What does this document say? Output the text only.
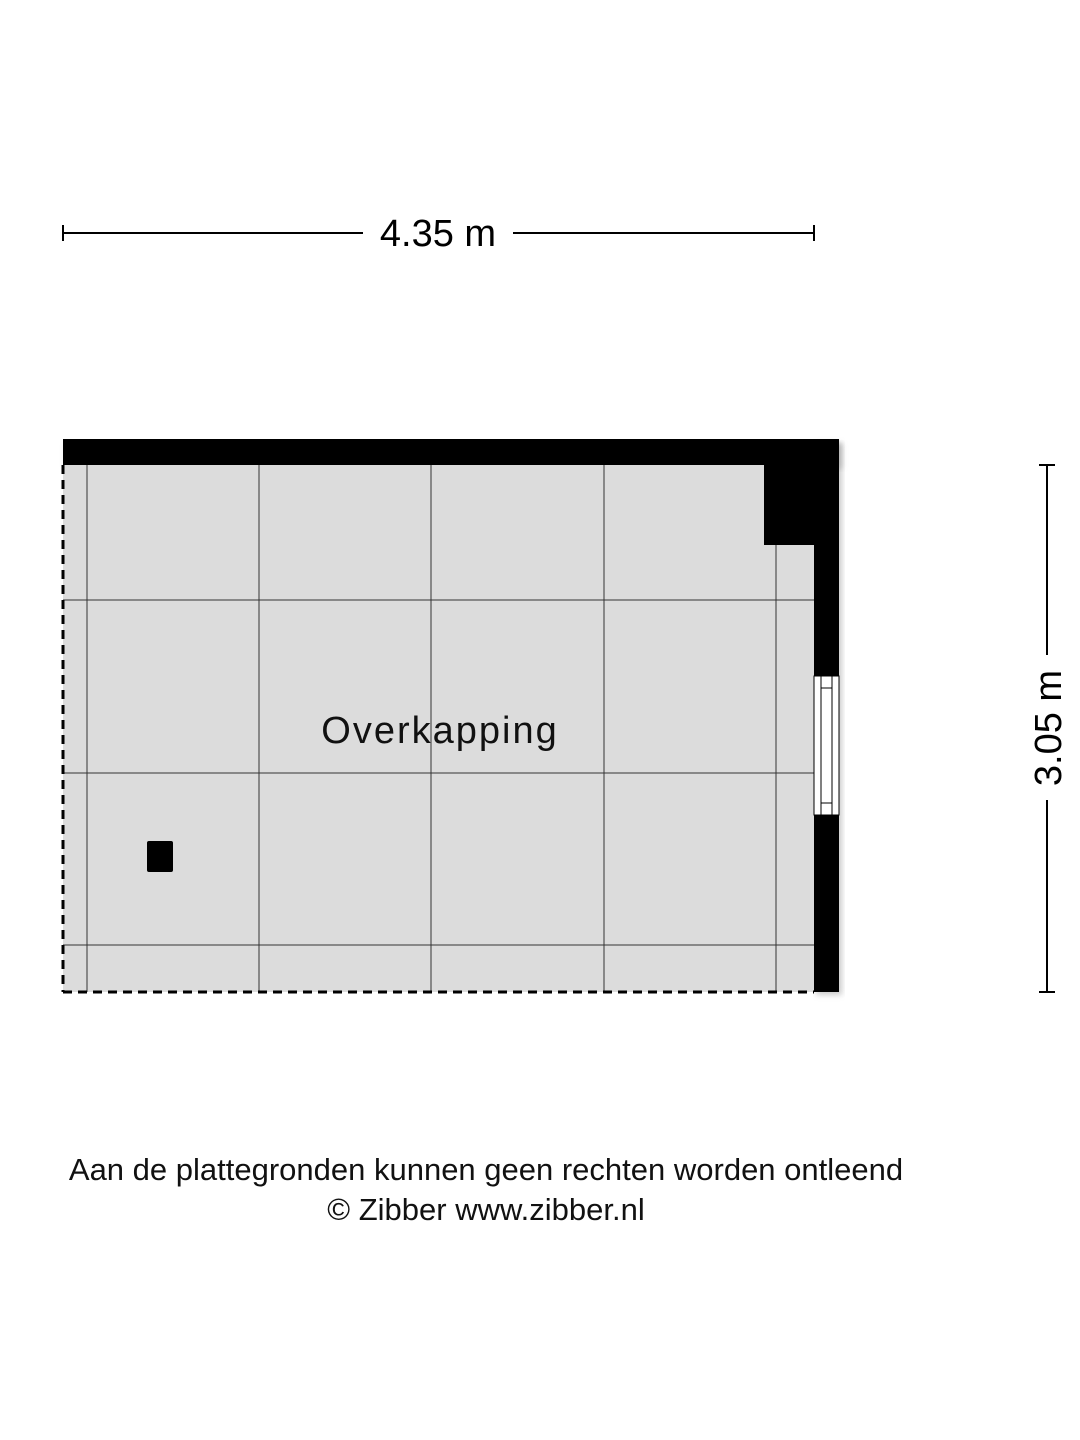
4.35 m
3.05 m
Overkapping
Aan de plattegronden kunnen geen rechten worden ontleend
© Zibber www.zibber.nl
